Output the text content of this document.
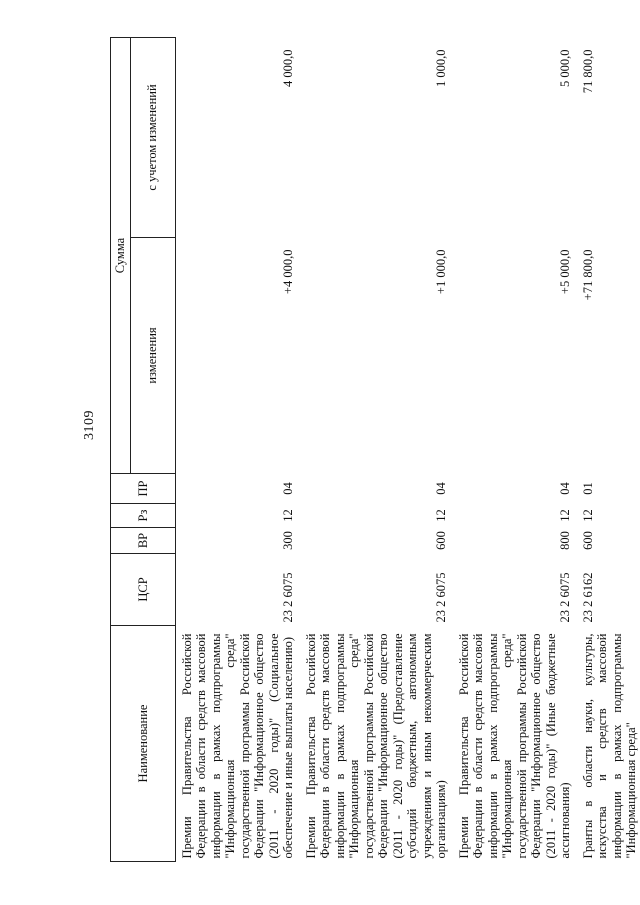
3109
Наименование	ЦСР	ВР	Рз	ПР	Сумма	
					изменения	с учетом изменений
Премии Правительства Российской Федерации в области средств массовой информации в рамках подпрограммы "Информационная среда" государственной программы Российской Федерации "Информационное общество (2011 - 2020 годы)" (Социальное обеспечение и иные выплаты населению)	23 2 6075	300	12	04	+4 000,0	4 000,0
Премии Правительства Российской Федерации в области средств массовой информации в рамках подпрограммы "Информационная среда" государственной программы Российской Федерации "Информационное общество (2011 - 2020 годы)" (Предоставление субсидий бюджетным, автономным учреждениям и иным некоммерческим организациям)	23 2 6075	600	12	04	+1 000,0	1 000,0
Премии Правительства Российской Федерации в области средств массовой информации в рамках подпрограммы "Информационная среда" государственной программы Российской Федерации "Информационное общество (2011 - 2020 годы)" (Иные бюджетные ассигнования)	23 2 6075	800	12	04	+5 000,0	5 000,0
Гранты в области науки, культуры, искусства и средств массовой информации в рамках подпрограммы "Информационная среда"	23 2 6162	600	12	01	+71 800,0	71 800,0
